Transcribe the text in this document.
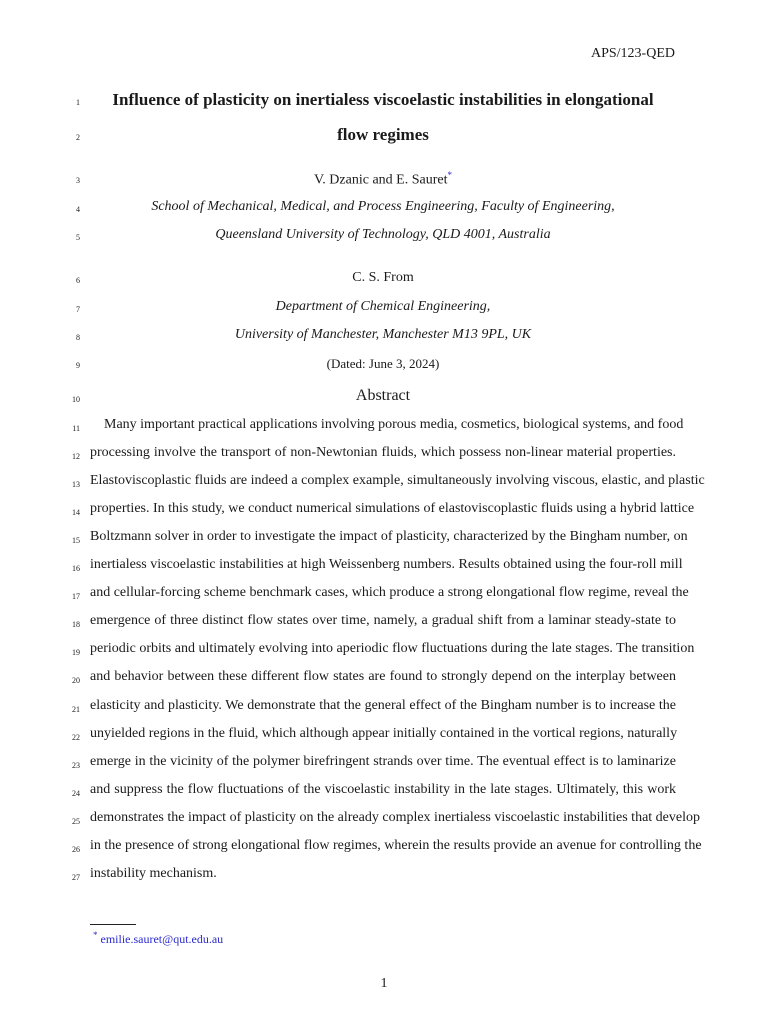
APS/123-QED
1
2
3
4
5
6
7
8
9
10
11
12
13
14
15
16
17
18
19
20
21
22
23
24
25
26
27
Influence of plasticity on inertialess viscoelastic instabilities in elongational
flow regimes
V. Dzanic and E. Sauret*
School of Mechanical, Medical, and Process Engineering, Faculty of Engineering,
Queensland University of Technology, QLD 4001, Australia
C. S. From
Department of Chemical Engineering,
University of Manchester, Manchester M13 9PL, UK
(Dated: June 3, 2024)
Abstract
Many important practical applications involving porous media, cosmetics, biological systems, and food
processing involve the transport of non-Newtonian fluids, which possess non-linear material properties.
Elastoviscoplastic fluids are indeed a complex example, simultaneously involving viscous, elastic, and plastic
properties. In this study, we conduct numerical simulations of elastoviscoplastic fluids using a hybrid lattice
Boltzmann solver in order to investigate the impact of plasticity, characterized by the Bingham number, on
inertialess viscoelastic instabilities at high Weissenberg numbers. Results obtained using the four-roll mill
and cellular-forcing scheme benchmark cases, which produce a strong elongational flow regime, reveal the
emergence of three distinct flow states over time, namely, a gradual shift from a laminar steady-state to
periodic orbits and ultimately evolving into aperiodic flow fluctuations during the late stages. The transition
and behavior between these different flow states are found to strongly depend on the interplay between
elasticity and plasticity. We demonstrate that the general effect of the Bingham number is to increase the
unyielded regions in the fluid, which although appear initially contained in the vortical regions, naturally
emerge in the vicinity of the polymer birefringent strands over time. The eventual effect is to laminarize
and suppress the flow fluctuations of the viscoelastic instability in the late stages. Ultimately, this work
demonstrates the impact of plasticity on the already complex inertialess viscoelastic instabilities that develop
in the presence of strong elongational flow regimes, wherein the results provide an avenue for controlling the
instability mechanism.
* emilie.sauret@qut.edu.au
1
